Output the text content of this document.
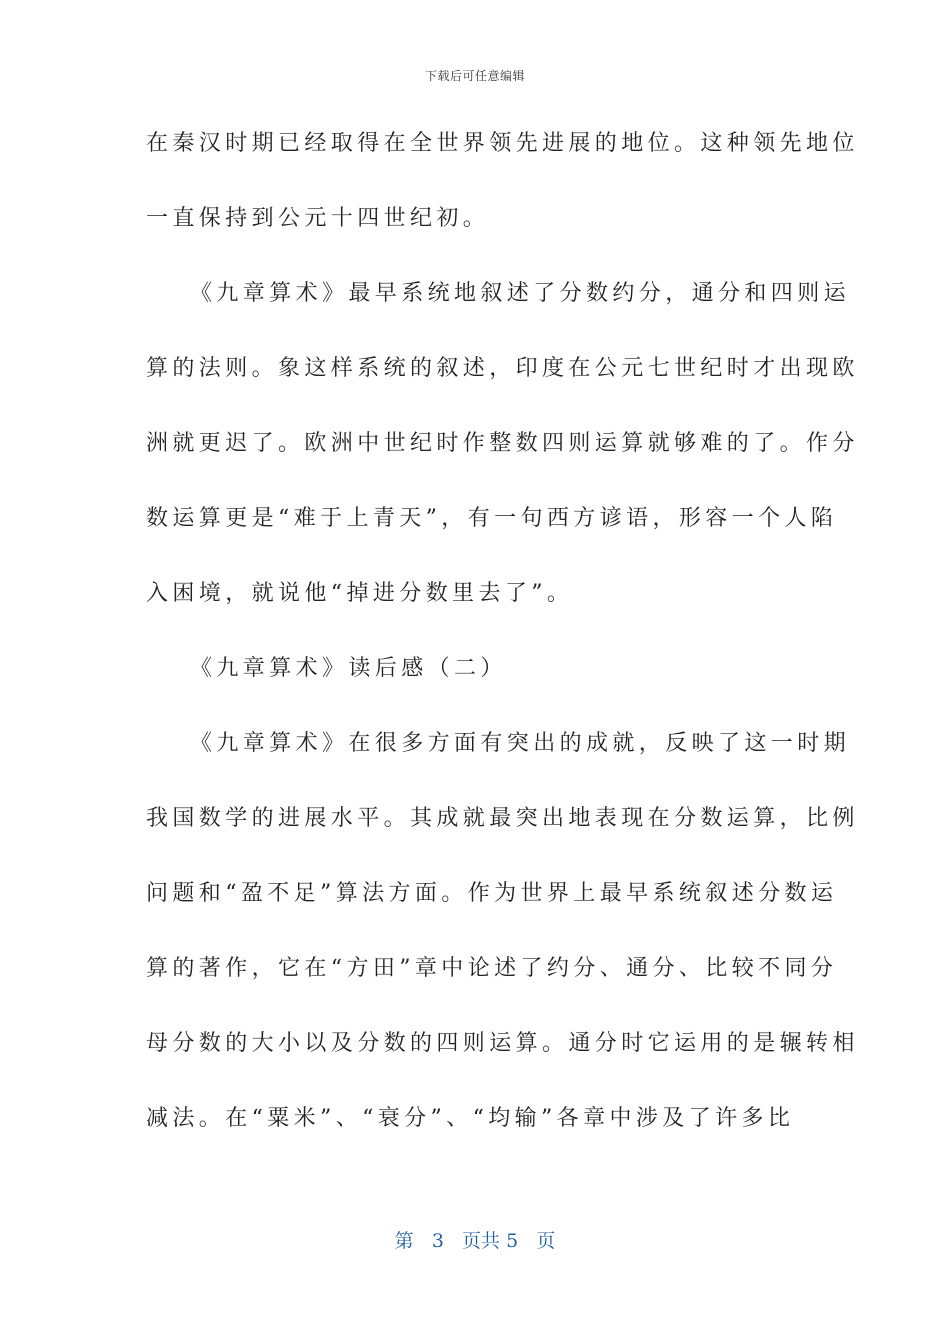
下载后可任意编辑
在秦汉时期已经取得在全世界领先进展的地位。这种领先地位
一直保持到公元十四世纪初。
《九章算术》最早系统地叙述了分数约分，通分和四则运
算的法则。象这样系统的叙述，印度在公元七世纪时才出现欧
洲就更迟了。欧洲中世纪时作整数四则运算就够难的了。作分
数运算更是“难于上青天”，有一句西方谚语，形容一个人陷
入困境，就说他“掉进分数里去了”。
《九章算术》读后感（二）
《九章算术》在很多方面有突出的成就，反映了这一时期
我国数学的进展水平。其成就最突出地表现在分数运算，比例
问题和“盈不足”算法方面。作为世界上最早系统叙述分数运
算的著作，它在“方田”章中论述了约分、通分、比较不同分
母分数的大小以及分数的四则运算。通分时它运用的是辗转相
减法。在“粟米”、“衰分”、“均输”各章中涉及了许多比
第 3 页共 5 页
